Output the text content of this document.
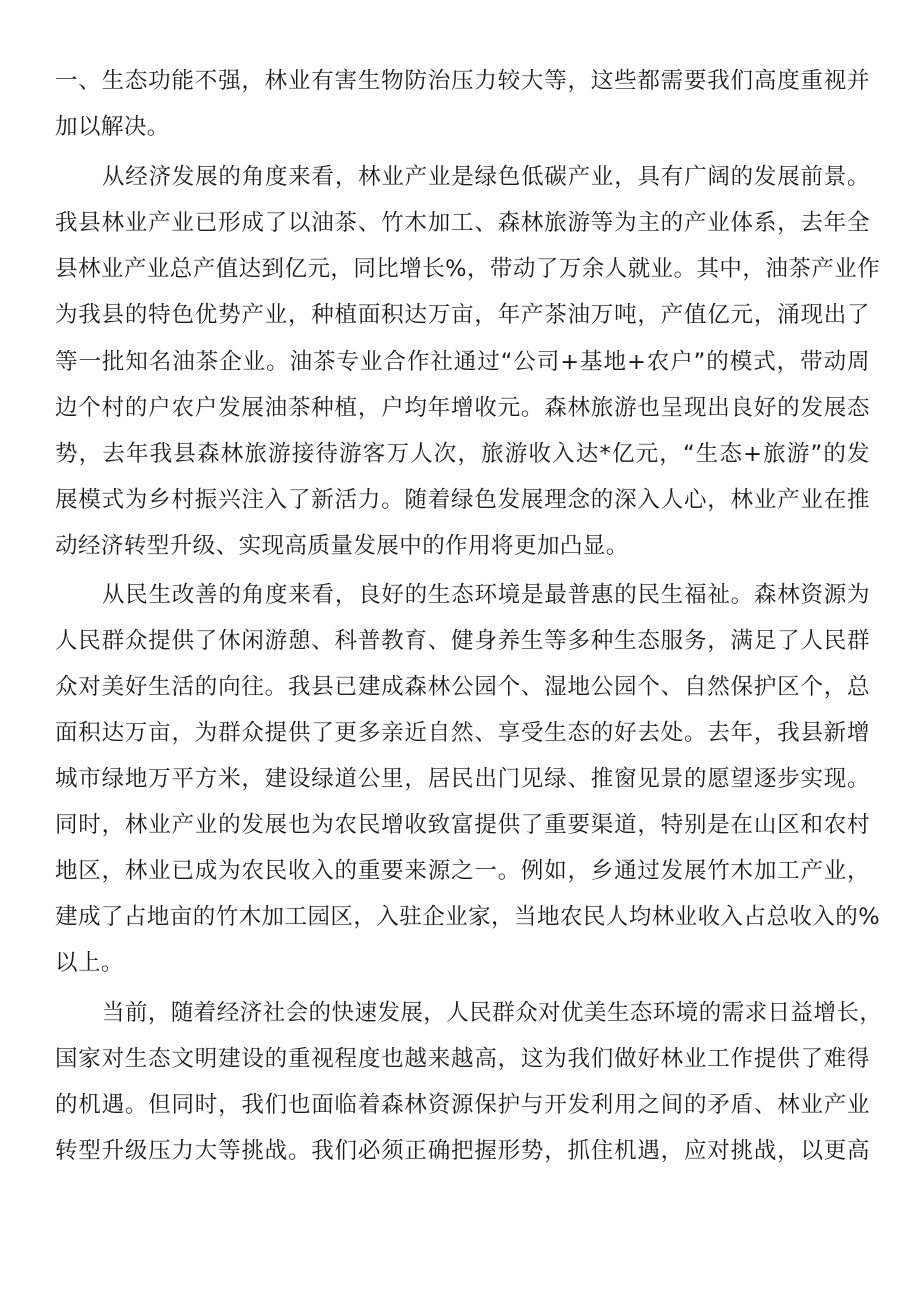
一、生态功能不强，林业有害生物防治压力较大等，这些都需要我们高度重视并
加以解决。
从经济发展的角度来看，林业产业是绿色低碳产业，具有广阔的发展前景。
我县林业产业已形成了以油茶、竹木加工、森林旅游等为主的产业体系，去年全
县林业产业总产值达到亿元，同比增长%，带动了万余人就业。其中，油茶产业作
为我县的特色优势产业，种植面积达万亩，年产茶油万吨，产值亿元，涌现出了
等一批知名油茶企业。油茶专业合作社通过“公司+基地+农户”的模式，带动周
边个村的户农户发展油茶种植，户均年增收元。森林旅游也呈现出良好的发展态
势，去年我县森林旅游接待游客万人次，旅游收入达*亿元，“生态+旅游”的发
展模式为乡村振兴注入了新活力。随着绿色发展理念的深入人心，林业产业在推
动经济转型升级、实现高质量发展中的作用将更加凸显。
从民生改善的角度来看，良好的生态环境是最普惠的民生福祉。森林资源为
人民群众提供了休闲游憩、科普教育、健身养生等多种生态服务，满足了人民群
众对美好生活的向往。我县已建成森林公园个、湿地公园个、自然保护区个，总
面积达万亩，为群众提供了更多亲近自然、享受生态的好去处。去年，我县新增
城市绿地万平方米，建设绿道公里，居民出门见绿、推窗见景的愿望逐步实现。
同时，林业产业的发展也为农民增收致富提供了重要渠道，特别是在山区和农村
地区，林业已成为农民收入的重要来源之一。例如，乡通过发展竹木加工产业，
建成了占地亩的竹木加工园区，入驻企业家，当地农民人均林业收入占总收入的%
以上。
当前，随着经济社会的快速发展，人民群众对优美生态环境的需求日益增长，
国家对生态文明建设的重视程度也越来越高，这为我们做好林业工作提供了难得
的机遇。但同时，我们也面临着森林资源保护与开发利用之间的矛盾、林业产业
转型升级压力大等挑战。我们必须正确把握形势，抓住机遇，应对挑战，以更高
